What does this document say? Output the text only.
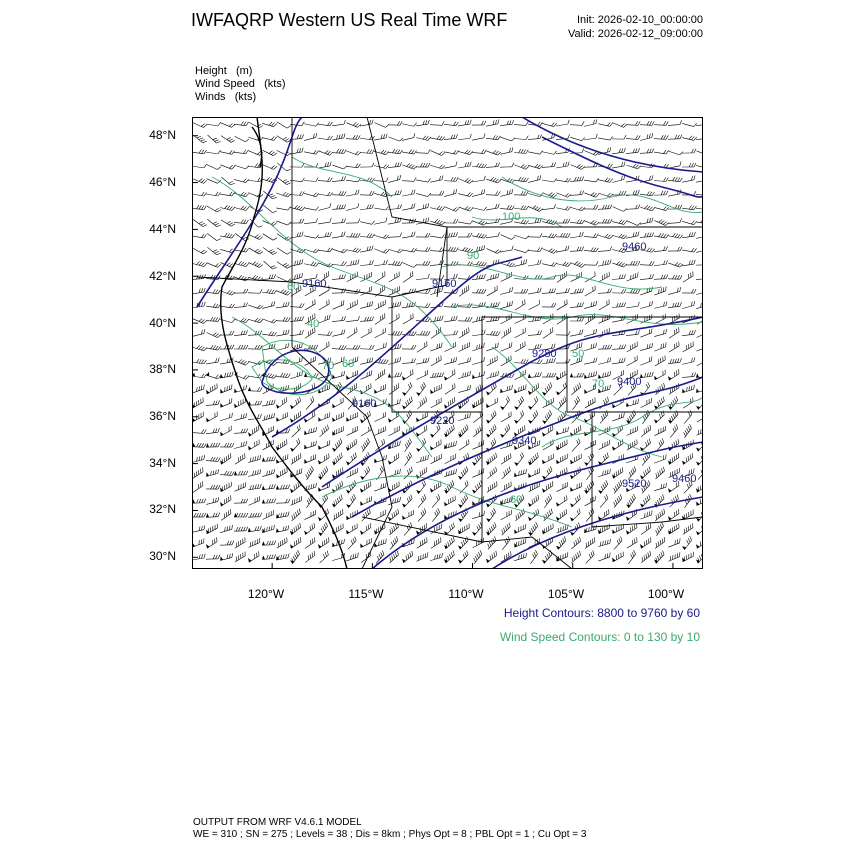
IWFAQRP Western US Real Time WRF	Init: 2026-02-10_00:00:00
Valid: 2026-02-12_09:00:00
Height (m)
Wind Speed (kts)
Winds (kts)
9160	9160
9160
9220
9280
9340
9400
9460
9460
9520
100
90
60
40
70
50
60
70
60
48°N
46°N
44°N
42°N
40°N
38°N
36°N
34°N
32°N
30°N
120°W	115°W	110°W	105°W	100°W
Height Contours: 8800 to 9760 by 60
Wind Speed Contours: 0 to 130 by 10
OUTPUT FROM WRF V4.6.1 MODEL
WE = 310 ; SN = 275 ; Levels = 38 ; Dis = 8km ; Phys Opt = 8 ; PBL Opt = 1 ; Cu Opt = 3
